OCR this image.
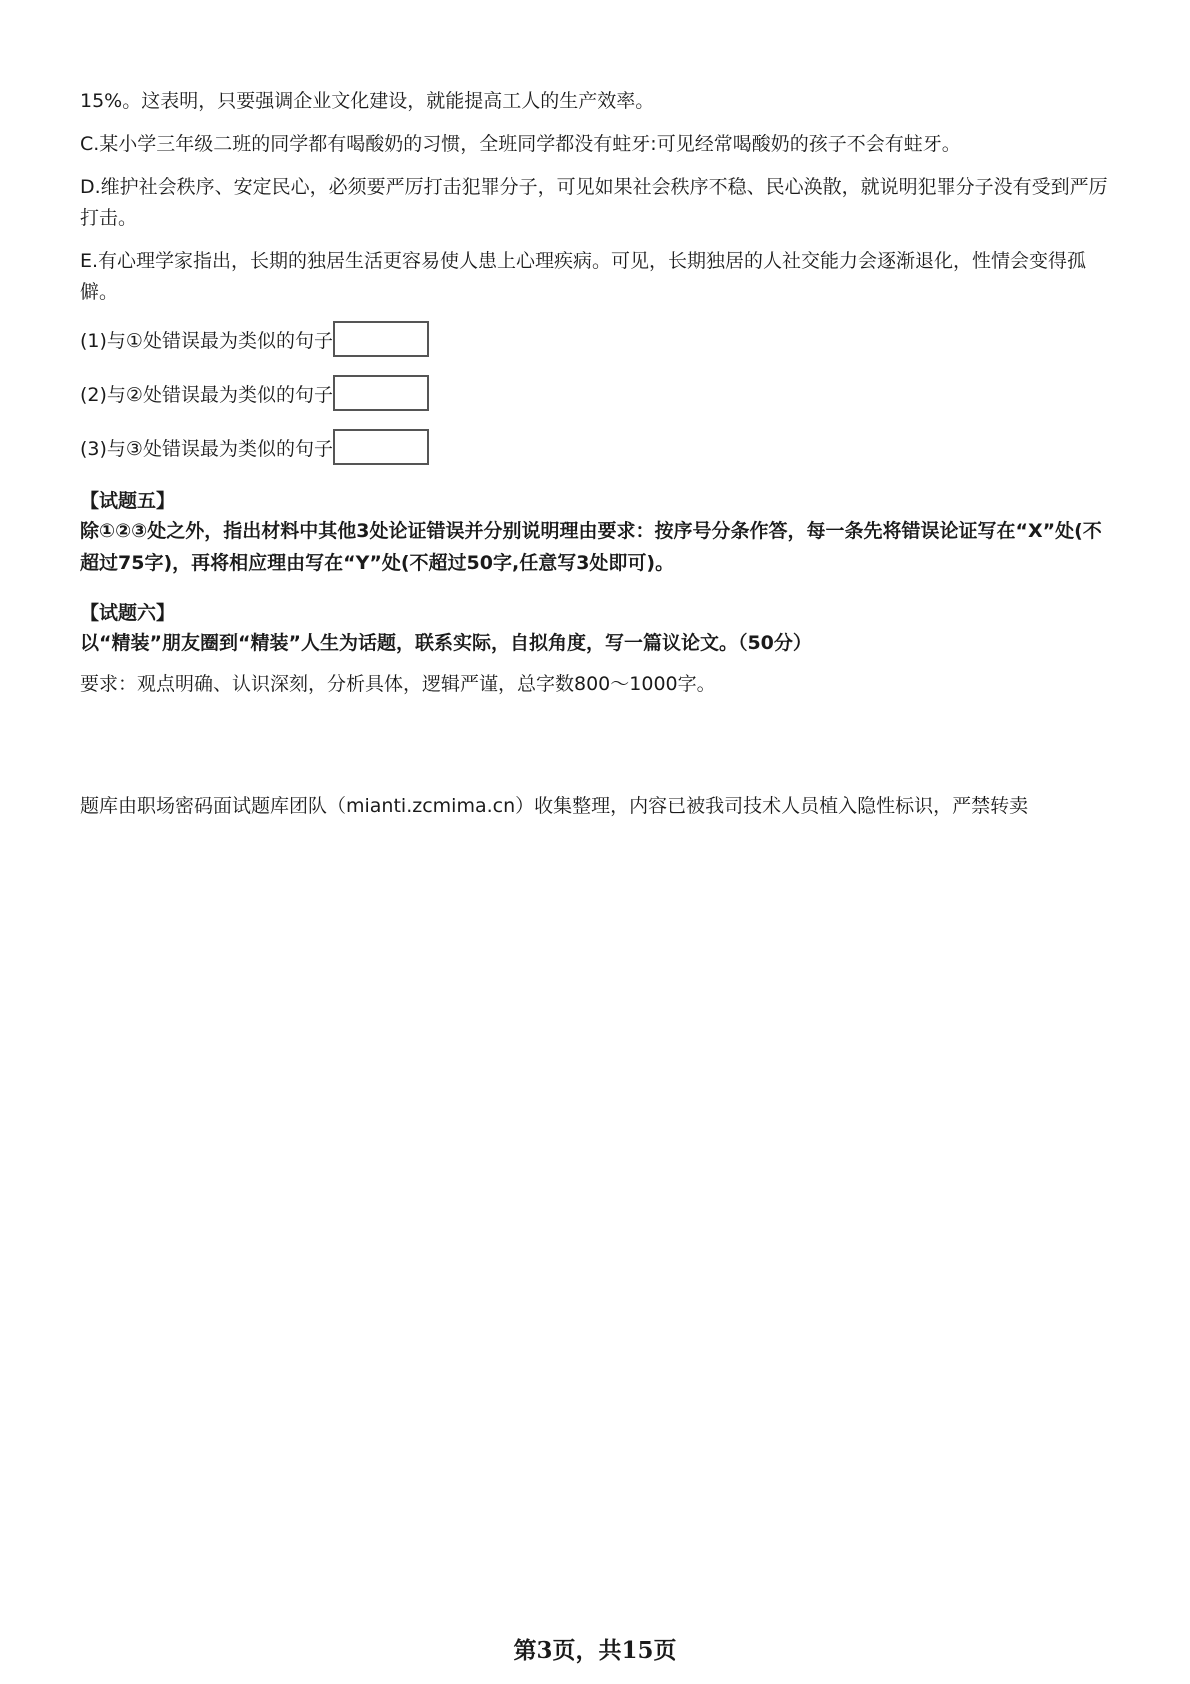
15%。这表明，只要强调企业文化建设，就能提高工人的生产效率。

C.某小学三年级二班的同学都有喝酸奶的习惯，全班同学都没有蛀牙:可见经常喝酸奶的孩子不会有蛀牙。

D.维护社会秩序、安定民心，必须要严厉打击犯罪分子，可见如果社会秩序不稳、民心涣散，就说明犯罪分子没有受到严厉打击。

E.有心理学家指出，长期的独居生活更容易使人患上心理疾病。可见，长期独居的人社交能力会逐渐退化，性情会变得孤僻。

(1)与①处错误最为类似的句子
(2)与②处错误最为类似的句子
(3)与③处错误最为类似的句子
【试题五】
除①②③处之外，指出材料中其他3处论证错误并分别说明理由要求：按序号分条作答，每一条先将错误论证写在“X”处(不超过75字)，再将相应理由写在“Y”处(不超过50字,任意写3处即可)。
【试题六】
以“精装”朋友圈到“精装”人生为话题，联系实际，自拟角度，写一篇议论文。（50分）
要求：观点明确、认识深刻，分析具体，逻辑严谨，总字数800～1000字。
题库由职场密码面试题库团队（mianti.zcmima.cn）收集整理，内容已被我司技术人员植入隐性标识，严禁转卖
第3页，共15页
